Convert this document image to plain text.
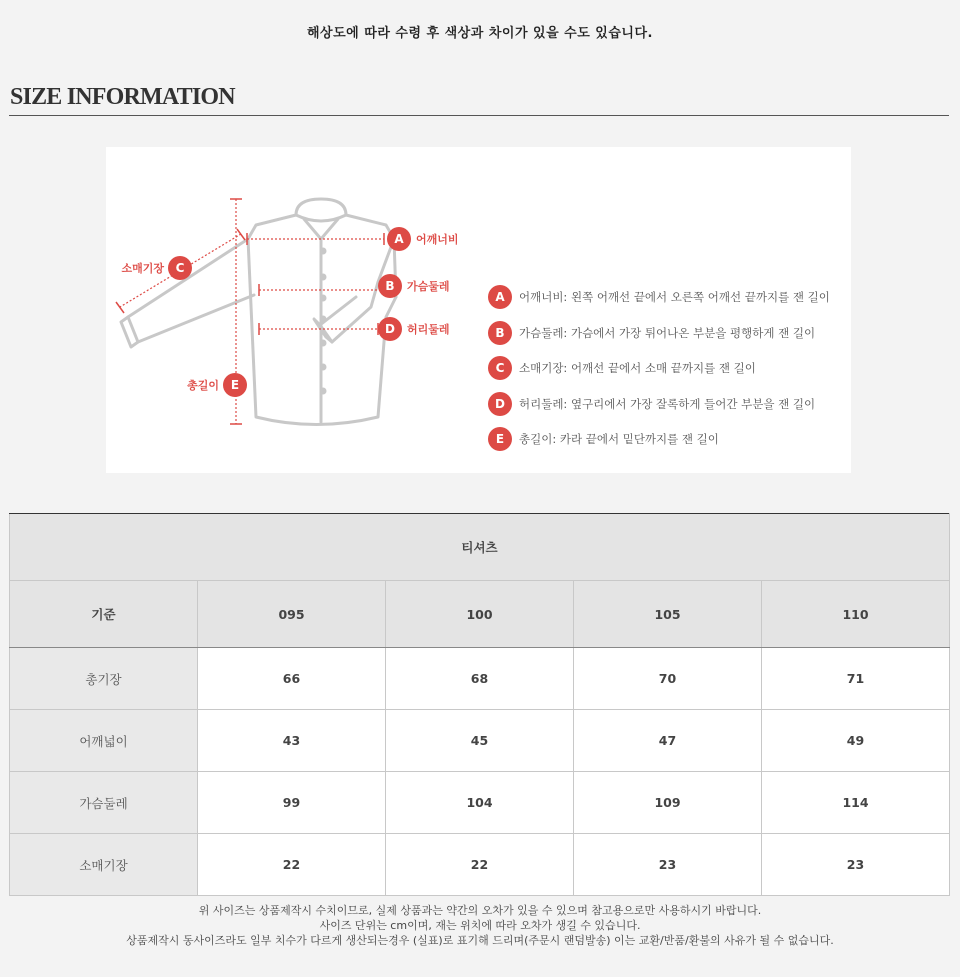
해상도에 따라 수령 후 색상과 차이가 있을 수도 있습니다.
SIZE INFORMATION
A 어깨너비
B 가슴둘레
D 허리둘레
C
소매기장
E
총길이
A	어깨너비: 왼쪽 어깨선 끝에서 오른쪽 어깨선 끝까지를 잰 길이
B	가슴둘레: 가슴에서 가장 튀어나온 부분을 평행하게 잰 길이
C	소매기장: 어깨선 끝에서 소매 끝까지를 잰 길이
D	허리둘레: 옆구리에서 가장 잘록하게 들어간 부분을 잰 길이
E	총길이: 카라 끝에서 밑단까지를 잰 길이
티셔츠				
기준	095	100	105	110
총기장	66	68	70	71
어깨넓이	43	45	47	49
가슴둘레	99	104	109	114
소매기장	22	22	23	23
위 사이즈는 상품제작시 수치이므로, 실제 상품과는 약간의 오차가 있을 수 있으며 참고용으로만 사용하시기 바랍니다.
사이즈 단위는 cm이며, 재는 위치에 따라 오차가 생길 수 있습니다.
상품제작시 동사이즈라도 일부 치수가 다르게 생산되는경우 (실표)로 표기해 드리며(주문시 랜덤발송) 이는 교환/반품/환불의 사유가 될 수 없습니다.
